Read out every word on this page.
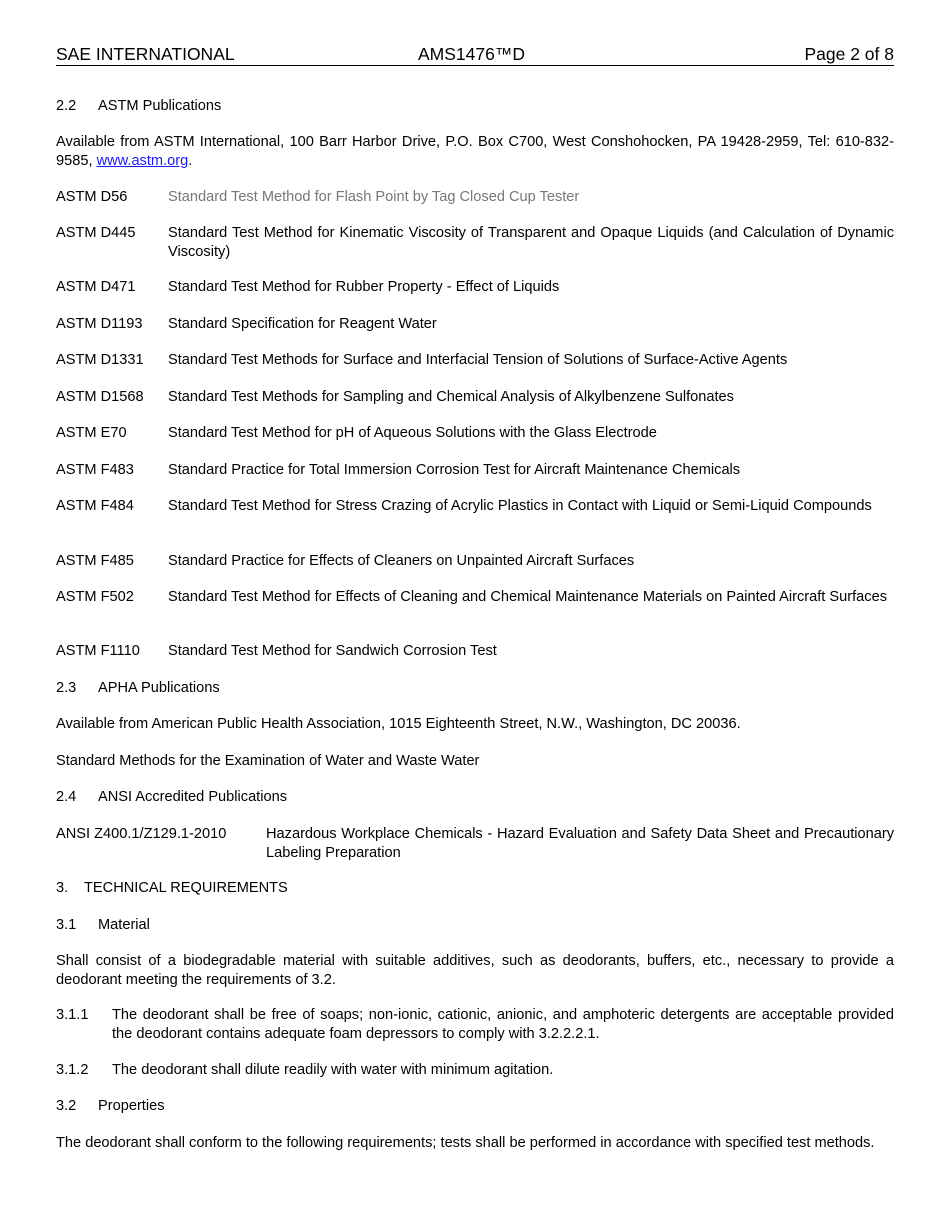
SAE INTERNATIONAL	AMS1476™D	Page 2 of 8
2.2 ASTM Publications
Available from ASTM International, 100 Barr Harbor Drive, P.O. Box C700, West Conshohocken, PA 19428-2959, Tel: 610-832-9585, www.astm.org.
ASTM D56	Standard Test Method for Flash Point by Tag Closed Cup Tester
ASTM D445 Standard Test Method for Kinematic Viscosity of Transparent and Opaque Liquids (and Calculation of Dynamic Viscosity)
ASTM D471 Standard Test Method for Rubber Property - Effect of Liquids
ASTM D1193 Standard Specification for Reagent Water
ASTM D1331 Standard Test Methods for Surface and Interfacial Tension of Solutions of Surface-Active Agents
ASTM D1568 Standard Test Methods for Sampling and Chemical Analysis of Alkylbenzene Sulfonates
ASTM E70	Standard Test Method for pH of Aqueous Solutions with the Glass Electrode
ASTM F483 Standard Practice for Total Immersion Corrosion Test for Aircraft Maintenance Chemicals
ASTM F484 Standard Test Method for Stress Crazing of Acrylic Plastics in Contact with Liquid or Semi-Liquid Compounds
ASTM F485 Standard Practice for Effects of Cleaners on Unpainted Aircraft Surfaces
ASTM F502 Standard Test Method for Effects of Cleaning and Chemical Maintenance Materials on Painted Aircraft Surfaces
ASTM F1110 Standard Test Method for Sandwich Corrosion Test
2.3 APHA Publications
Available from American Public Health Association, 1015 Eighteenth Street, N.W., Washington, DC 20036.
Standard Methods for the Examination of Water and Waste Water
2.4 ANSI Accredited Publications
ANSI Z400.1/Z129.1-2010	Hazardous Workplace Chemicals - Hazard Evaluation and Safety Data Sheet and Precautionary Labeling Preparation
3. TECHNICAL REQUIREMENTS
3.1 Material
Shall consist of a biodegradable material with suitable additives, such as deodorants, buffers, etc., necessary to provide a deodorant meeting the requirements of 3.2.
3.1.1 The deodorant shall be free of soaps; non-ionic, cationic, anionic, and amphoteric detergents are acceptable provided the deodorant contains adequate foam depressors to comply with 3.2.2.2.1.
3.1.2 The deodorant shall dilute readily with water with minimum agitation.
3.2 Properties
The deodorant shall conform to the following requirements; tests shall be performed in accordance with specified test methods.
